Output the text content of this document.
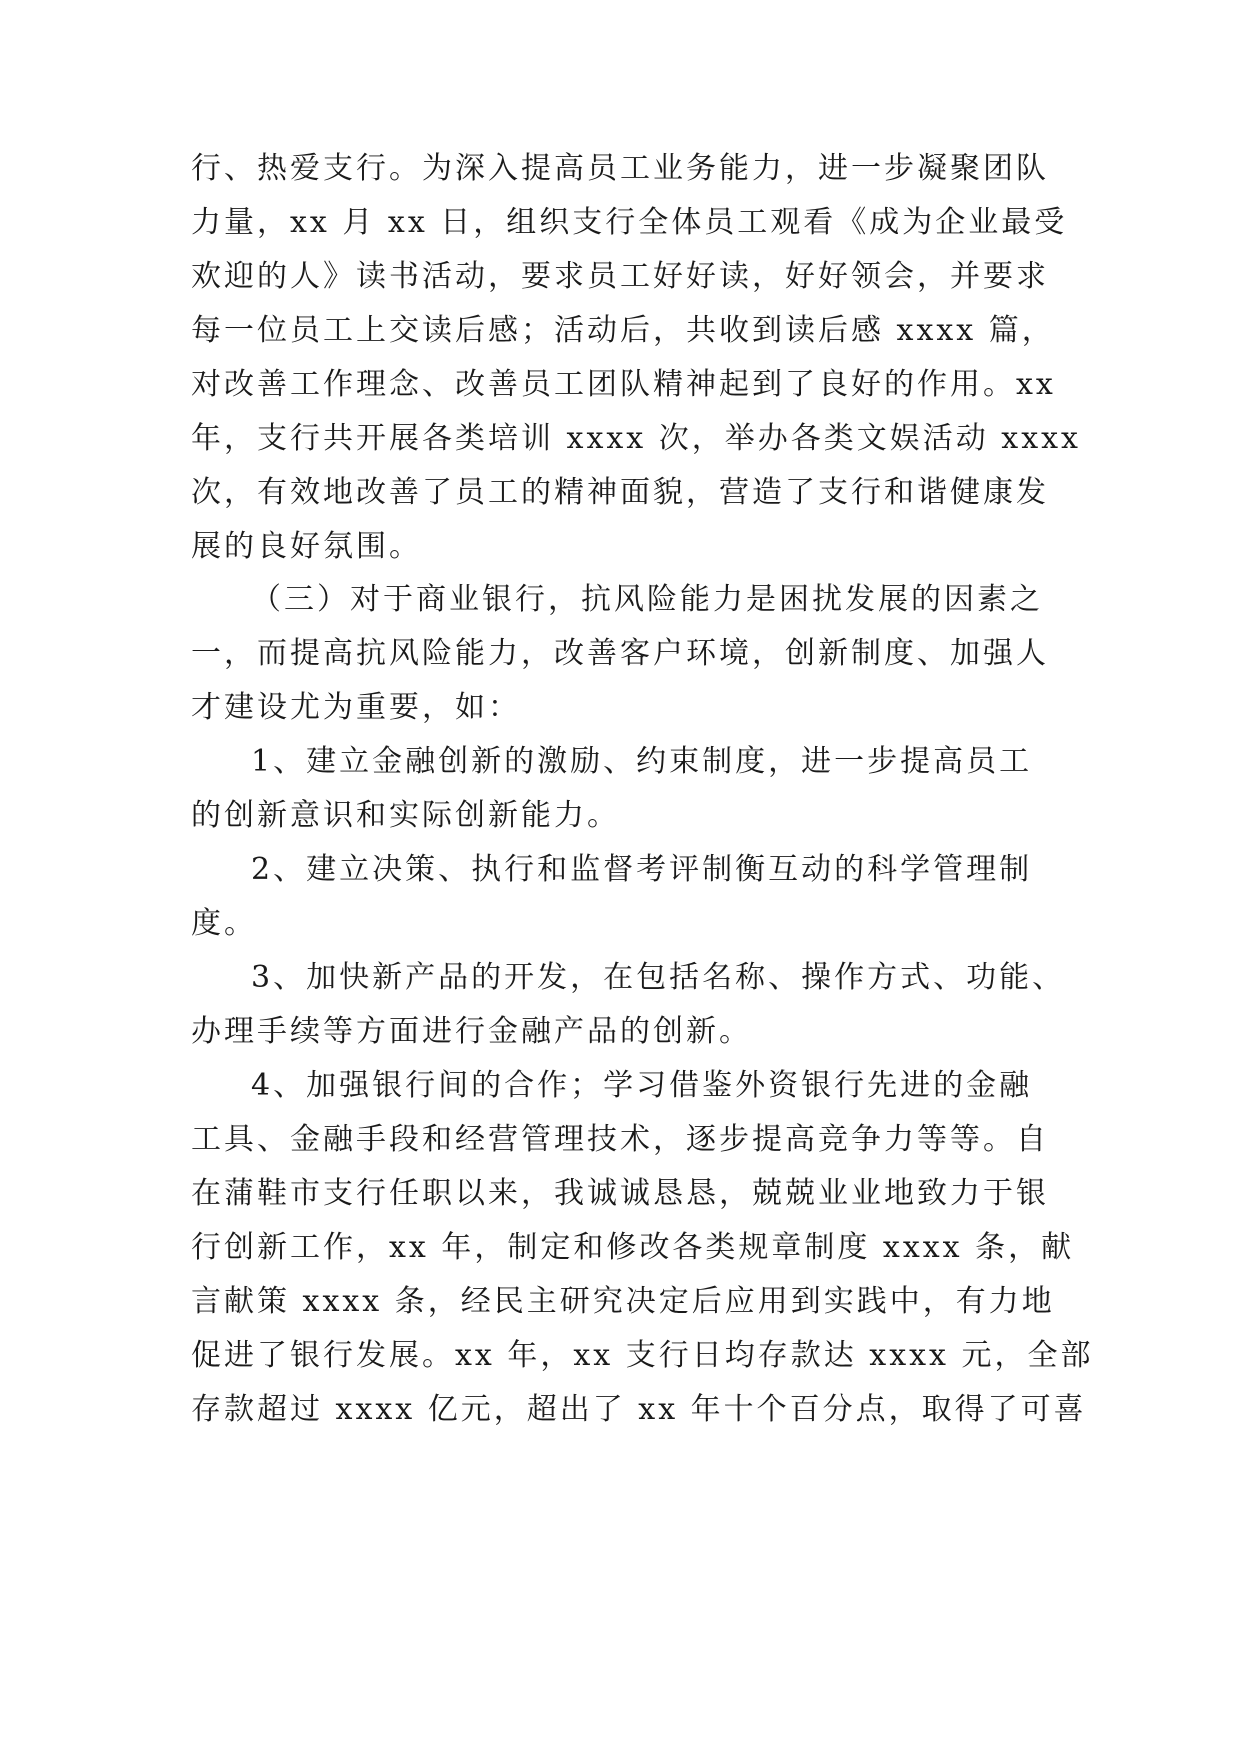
行、热爱支行。为深入提高员工业务能力，进一步凝聚团队
力量，xx 月 xx 日，组织支行全体员工观看《成为企业最受
欢迎的人》读书活动，要求员工好好读，好好领会，并要求
每一位员工上交读后感；活动后，共收到读后感 xxxx 篇，
对改善工作理念、改善员工团队精神起到了良好的作用。xx
年，支行共开展各类培训 xxxx 次，举办各类文娱活动 xxxx
次，有效地改善了员工的精神面貌，营造了支行和谐健康发
展的良好氛围。
（三）对于商业银行，抗风险能力是困扰发展的因素之
一，而提高抗风险能力，改善客户环境，创新制度、加强人
才建设尤为重要，如：
1、建立金融创新的激励、约束制度，进一步提高员工
的创新意识和实际创新能力。
2、建立决策、执行和监督考评制衡互动的科学管理制
度。
3、加快新产品的开发，在包括名称、操作方式、功能、
办理手续等方面进行金融产品的创新。
4、加强银行间的合作；学习借鉴外资银行先进的金融
工具、金融手段和经营管理技术，逐步提高竞争力等等。自
在蒲鞋市支行任职以来，我诚诚恳恳，兢兢业业地致力于银
行创新工作，xx 年，制定和修改各类规章制度 xxxx 条，献
言献策 xxxx 条，经民主研究决定后应用到实践中，有力地
促进了银行发展。xx 年，xx 支行日均存款达 xxxx 元，全部
存款超过 xxxx 亿元，超出了 xx 年十个百分点，取得了可喜
